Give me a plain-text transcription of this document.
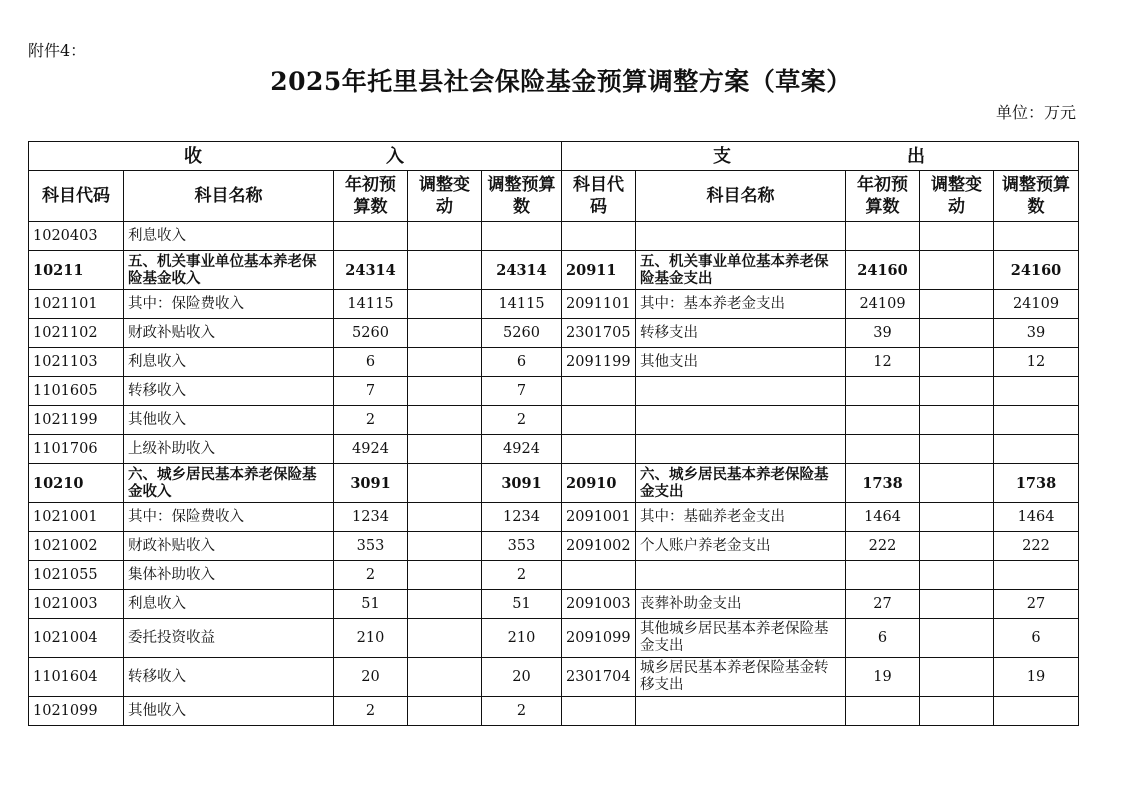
附件4：
2025年托里县社会保险基金预算调整方案（草案）
单位：万元
收 入					支 出				

科目代码	科目名称	年初预算数	调整变动	调整预算数	科目代码	科目名称	年初预算数	调整变动	调整预算数
1020403	利息收入								
10211	五、机关事业单位基本养老保险基金收入	24314		24314	20911	五、机关事业单位基本养老保险基金支出	24160		24160
1021101	其中：保险费收入	14115		14115	2091101	其中：基本养老金支出	24109		24109
1021102	财政补贴收入	5260		5260	2301705	转移支出	39		39
1021103	利息收入	6		6	2091199	其他支出	12		12
1101605	转移收入	7		7					
1021199	其他收入	2		2					
1101706	上级补助收入	4924		4924					
10210	六、城乡居民基本养老保险基金收入	3091		3091	20910	六、城乡居民基本养老保险基金支出	1738		1738
1021001	其中：保险费收入	1234		1234	2091001	其中：基础养老金支出	1464		1464
1021002	财政补贴收入	353		353	2091002	个人账户养老金支出	222		222
1021055	集体补助收入	2		2					
1021003	利息收入	51		51	2091003	丧葬补助金支出	27		27
1021004	委托投资收益	210		210	2091099	其他城乡居民基本养老保险基金支出	6		6
1101604	转移收入	20		20	2301704	城乡居民基本养老保险基金转移支出	19		19
1021099	其他收入	2		2					
